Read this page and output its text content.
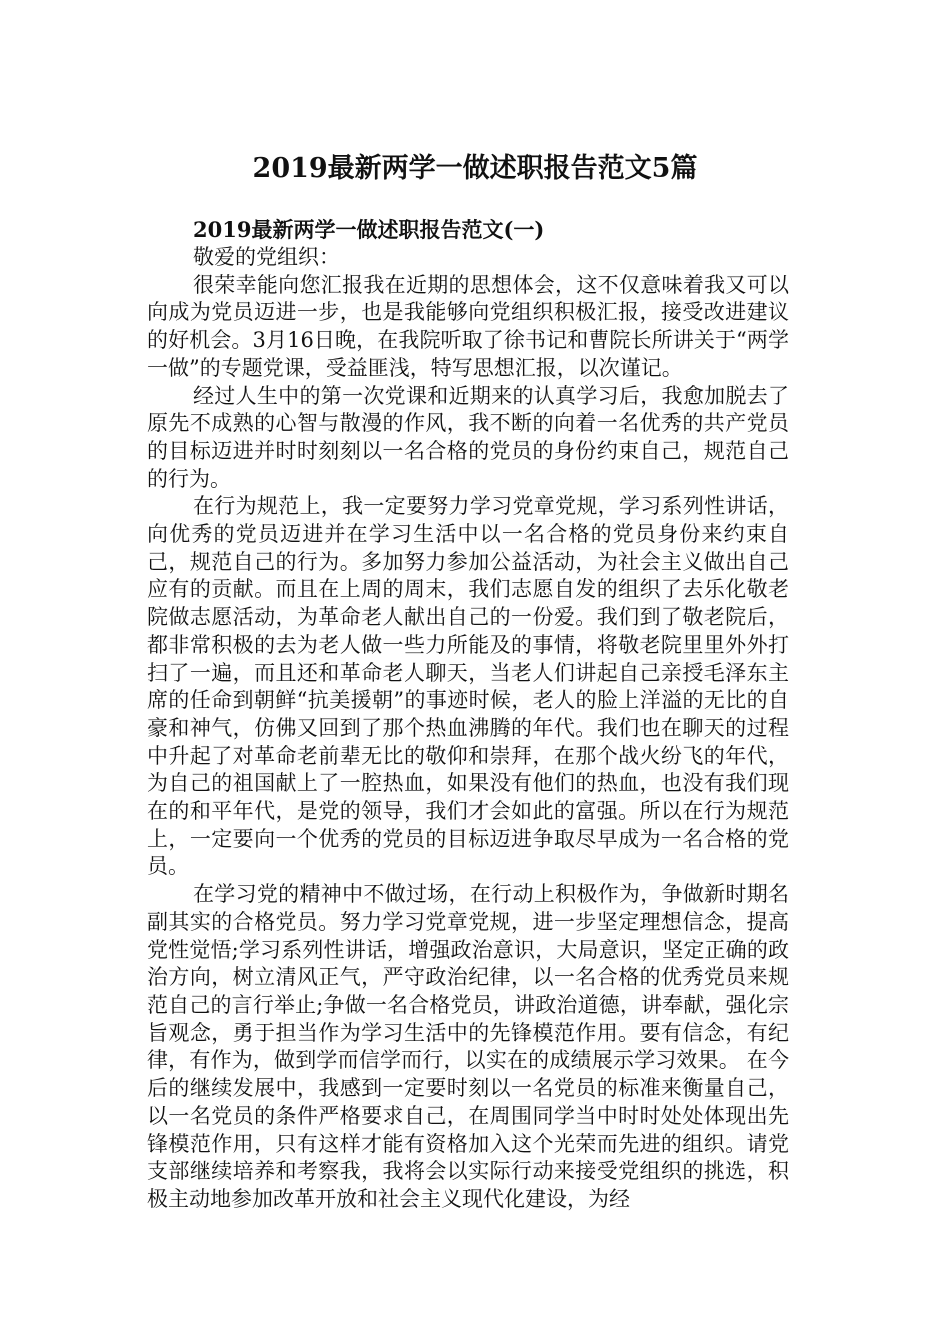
2019最新两学一做述职报告范文5篇
2019最新两学一做述职报告范文(一)

敬爱的党组织：

很荣幸能向您汇报我在近期的思想体会，这不仅意味着我又可以向成为党员迈进一步，也是我能够向党组织积极汇报，接受改进建议的好机会。3月16日晚，在我院听取了徐书记和曹院长所讲关于“两学一做”的专题党课，受益匪浅，特写思想汇报，以次谨记。

经过人生中的第一次党课和近期来的认真学习后，我愈加脱去了原先不成熟的心智与散漫的作风，我不断的向着一名优秀的共产党员的目标迈进并时时刻刻以一名合格的党员的身份约束自己，规范自己的行为。

在行为规范上，我一定要努力学习党章党规，学习系列性讲话，向优秀的党员迈进并在学习生活中以一名合格的党员身份来约束自己，规范自己的行为。多加努力参加公益活动，为社会主义做出自己应有的贡献。而且在上周的周末，我们志愿自发的组织了去乐化敬老院做志愿活动，为革命老人献出自己的一份爱。我们到了敬老院后，都非常积极的去为老人做一些力所能及的事情，将敬老院里里外外打扫了一遍，而且还和革命老人聊天，当老人们讲起自己亲授毛泽东主席的任命到朝鲜“抗美援朝”的事迹时候，老人的脸上洋溢的无比的自豪和神气，仿佛又回到了那个热血沸腾的年代。我们也在聊天的过程中升起了对革命老前辈无比的敬仰和崇拜，在那个战火纷飞的年代，为自己的祖国献上了一腔热血，如果没有他们的热血，也没有我们现在的和平年代，是党的领导，我们才会如此的富强。所以在行为规范上，一定要向一个优秀的党员的目标迈进争取尽早成为一名合格的党员。

在学习党的精神中不做过场，在行动上积极作为，争做新时期名副其实的合格党员。努力学习党章党规，进一步坚定理想信念，提高党性觉悟;学习系列性讲话，增强政治意识，大局意识，坚定正确的政治方向，树立清风正气，严守政治纪律，以一名合格的优秀党员来规范自己的言行举止;争做一名合格党员，讲政治道德，讲奉献，强化宗旨观念，勇于担当作为学习生活中的先锋模范作用。要有信念，有纪律，有作为，做到学而信学而行，以实在的成绩展示学习效果。 在今后的继续发展中，我感到一定要时刻以一名党员的标准来衡量自己，以一名党员的条件严格要求自己，在周围同学当中时时处处体现出先锋模范作用，只有这样才能有资格加入这个光荣而先进的组织。请党支部继续培养和考察我，我将会以实际行动来接受党组织的挑选，积极主动地参加改革开放和社会主义现代化建设，为经
